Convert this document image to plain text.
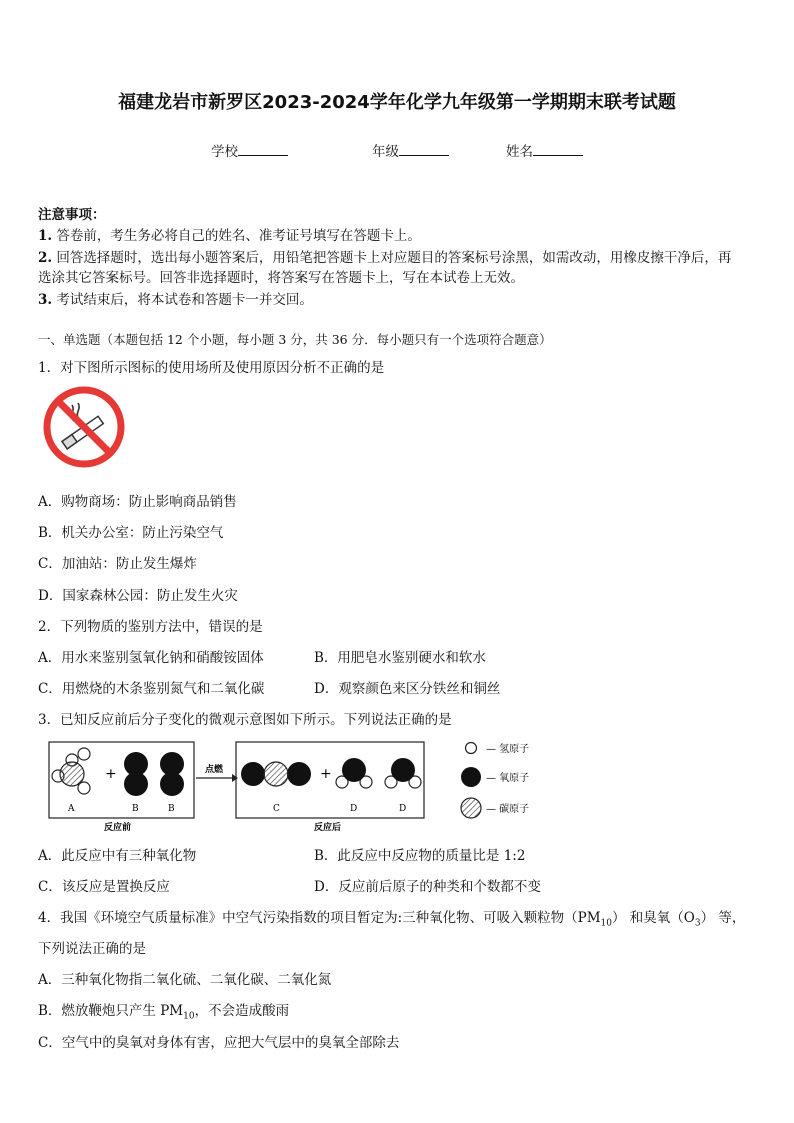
福建龙岩市新罗区2023-2024学年化学九年级第一学期期末联考试题
学校	年级	姓名
注意事项：
1. 答卷前，考生务必将自己的姓名、准考证号填写在答题卡上。
2. 回答选择题时，选出每小题答案后，用铅笔把答题卡上对应题目的答案标号涂黑，如需改动，用橡皮擦干净后，再
选涂其它答案标号。回答非选择题时，将答案写在答题卡上，写在本试卷上无效。
3. 考试结束后，将本试卷和答题卡一并交回。
一、单选题（本题包括 12 个小题，每小题 3 分，共 36 分．每小题只有一个选项符合题意）
1．对下图所示图标的使用场所及使用原因分析不正确的是
A．购物商场：防止影响商品销售
B．机关办公室：防止污染空气
C．加油站：防止发生爆炸
D．国家森林公园：防止发生火灾
2．下列物质的鉴别方法中，错误的是
A．用水来鉴别氢氧化钠和硝酸铵固体	B．用肥皂水鉴别硬水和软水
C．用燃烧的木条鉴别氮气和二氧化碳	D．观察颜色来区分铁丝和铜丝
3．已知反应前后分子变化的微观示意图如下所示。下列说法正确的是
+
A	B	B
反应前
点燃	+
C	D	D
反应后
— 氢原子
— 氧原子
— 碳原子
A．此反应中有三种氧化物	B．此反应中反应物的质量比是 1:2
C．该反应是置换反应	D．反应前后原子的种类和个数都不变
4．我国《环境空气质量标准》中空气污染指数的项目暂定为:三种氧化物、可吸入颗粒物$(PM_{10})$ 和臭氧$(O_3)$ 等，
下列说法正确的是
A．三种氧化物指二氧化硫、二氧化碳、二氧化氮
B．燃放鞭炮只产生 $PM_{10}$，不会造成酸雨
C．空气中的臭氧对身体有害，应把大气层中的臭氧全部除去
